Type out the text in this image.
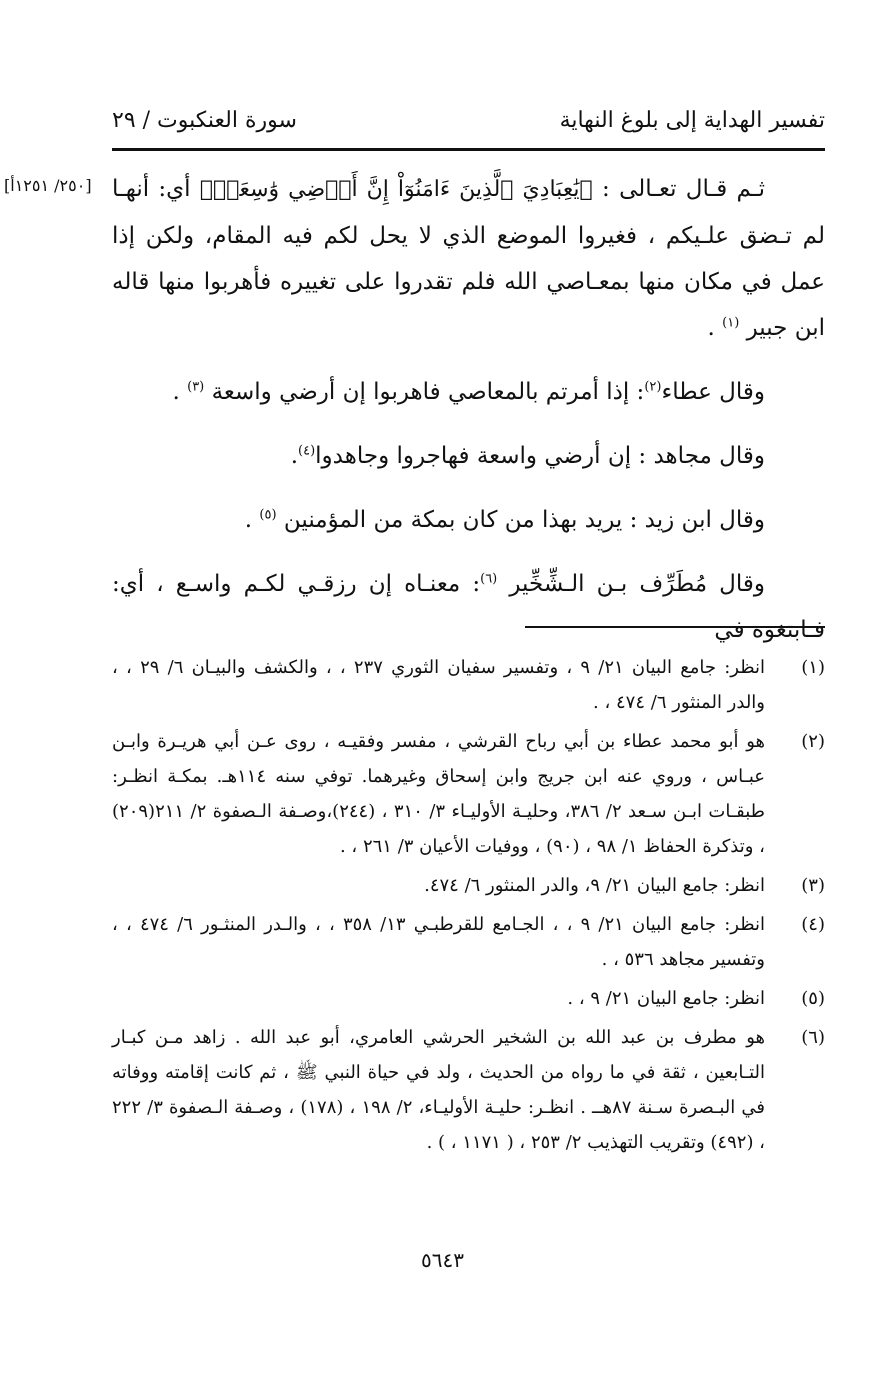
تفسير الهداية إلى بلوغ النهاية
سورة العنكبوت / ٢٩
[٢٥٠/ ١٢٥١أ]	ثـم قـال تعـالى : ﴿يَٰعِبَادِيَ ٱلَّذِينَ ءَامَنُوٓاْ إِنَّ أَرۡضِي وَٰسِعَةٞ﴾ أي: أنهـا لم تـضق علـيكم ، فغيروا الموضع الذي لا يحل لكم فيه المقام، ولكن إذا عمل في مكان منها بمعـاصي الله فلم تقدروا على تغييره فأهربوا منها قاله ابن جبير $^{(١)}$ .

وقال عطاء$^{(٢)}$: إذا أمرتم بالمعاصي فاهربوا إن أرضي واسعة $^{(٣)}$ .

وقال مجاهد : إن أرضي واسعة فهاجروا وجاهدوا$^{(٤)}$.

وقال ابن زيد : يريد بهذا من كان بمكة من المؤمنين $^{(٥)}$ .

وقال مُطَرِّف بـن الـشِّخِّير $^{(٦)}$: معنـاه إن رزقـي لكـم واسـع ، أي: فـابتغوه في

(١)
انظر: جامع البيان ٢١/ ٩ ، وتفسير سفيان الثوري ٢٣٧ ، ، والكشف والبيـان ٦/ ٢٩ ، ، والدر المنثور ٦/ ٤٧٤ ، .
(٢)
هو أبو محمد عطاء بن أبي رباح القرشي ، مفسر وفقيـه ، روى عـن أبي هريـرة وابـن عبـاس ، وروي عنه ابن جريج وابن إسحاق وغيرهما. توفي سنه ١١٤هـ. بمكـة انظـر: طبقـات ابـن سـعد ٢/ ٣٨٦، وحليـة الأوليـاء ٣/ ٣١٠ ، (٢٤٤)،وصـفة الـصفوة ٢/ ٢١١(٢٠٩) ، وتذكرة الحفاظ ١/ ٩٨ ، (٩٠) ، ووفيات الأعيان ٣/ ٢٦١ ، .
(٣)
انظر: جامع البيان ٢١/ ٩، والدر المنثور ٦/ ٤٧٤.
(٤)
انظر: جامع البيان ٢١/ ٩ ، ، الجـامع للقرطبـي ١٣/ ٣٥٨ ، ، والـدر المنثـور ٦/ ٤٧٤ ، ، وتفسير مجاهد ٥٣٦ ، .
(٥)
انظر: جامع البيان ٢١/ ٩ ، .
(٦)
هو مطرف بن عبد الله بن الشخير الحرشي العامري، أبو عبد الله . زاهد مـن كبـار التـابعين ، ثقة في ما رواه من الحديث ، ولد في حياة النبي ﷺ ، ثم كانت إقامته ووفاته في البـصرة سـنة ٨٧هــ . انظـر: حليـة الأوليـاء، ٢/ ١٩٨ ، (١٧٨) ، وصـفة الـصفوة ٣/ ٢٢٢ ، (٤٩٢) وتقريب التهذيب ٢/ ٢٥٣ ، ( ١١٧١ ، ) .
٥٦٤٣
